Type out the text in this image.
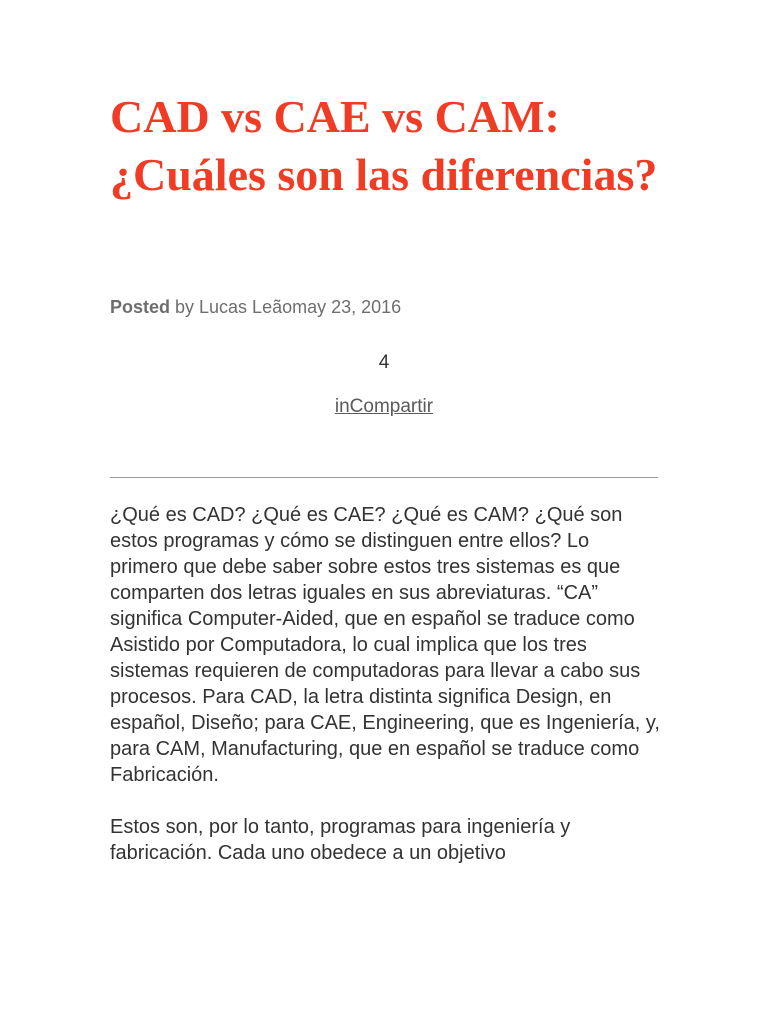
CAD vs CAE vs CAM: ¿Cuáles son las diferencias?
Posted by Lucas Leãomay 23, 2016
4
inCompartir

¿Qué es CAD? ¿Qué es CAE? ¿Qué es CAM? ¿Qué son estos programas y cómo se distinguen entre ellos? Lo primero que debe saber sobre estos tres sistemas es que comparten dos letras iguales en sus abreviaturas. “CA” significa Computer-Aided, que en español se traduce como Asistido por Computadora, lo cual implica que los tres sistemas requieren de computadoras para llevar a cabo sus procesos. Para CAD, la letra distinta significa Design, en español, Diseño; para CAE, Engineering, que es Ingeniería, y, para CAM, Manufacturing, que en español se traduce como Fabricación.

Estos son, por lo tanto, programas para ingeniería y fabricación. Cada uno obedece a un objetivo
